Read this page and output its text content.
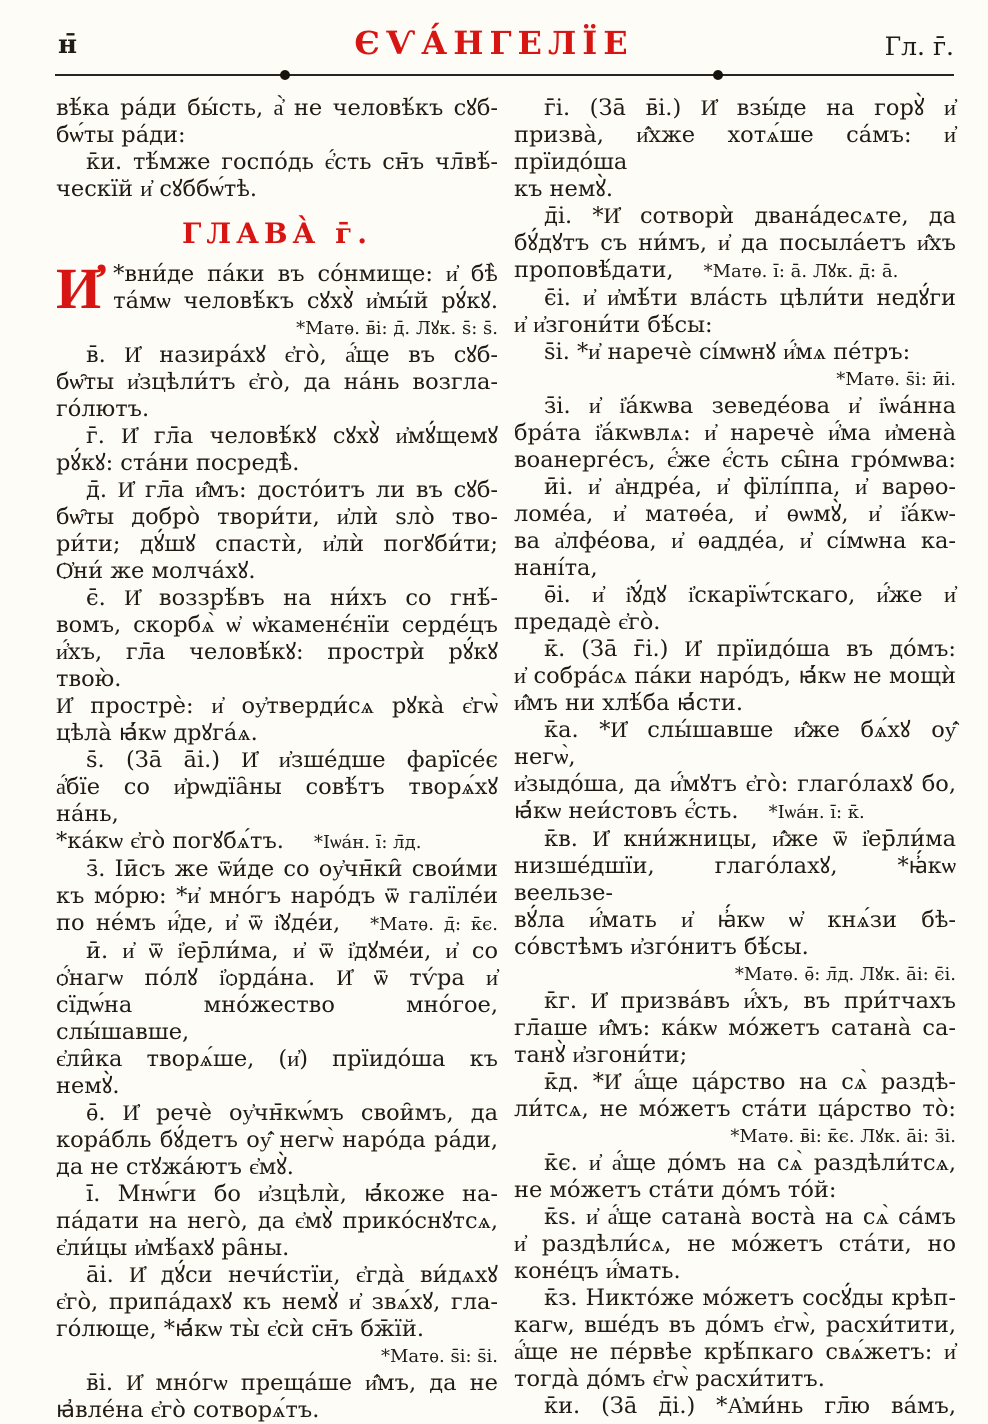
н̄	ЄѴА́НГЕЛЇЕ	Гл. г̄.
вѣ́ка ра́ди бы́сть, а҆̀ не человѣ́къ сꙋб-
бѡ́ты ра́ди:
к̄и. тѣ́мже госпо́дь є҆́сть сн̄ъ чл̄вѣ́-
ческїй и҆ сꙋббѡ́тѣ.
ГЛАВА̀ г̄.
И҆ *вни́де па́ки въ со́нмище: и҆ бѣ̀
та́мѡ человѣ́къ сꙋхꙋ̀ и҆мы́й рꙋ́кꙋ.
*Матѳ. в̄і: д̄. Лꙋк. ѕ̄: ѕ̄.
в̄. И҆ назира́хꙋ є҆го̀, а҆́ще въ сꙋб-
бѡ̑ты и҆зцѣли́тъ є҆го̀, да на́нь возгла-
го́лютъ.
г̄. И҆ гл̄а человѣ́кꙋ сꙋхꙋ̀ и҆мꙋ́щемꙋ
рꙋ́кꙋ: ста́ни посредѣ̀.
д̄. И҆ гл̄а и҆̑мъ: досто́итъ ли въ сꙋб-
бѡ̑ты добро̀ твори́ти, и҆лѝ ѕло̀ тво-
ри́ти; дꙋ́шꙋ спастѝ, и҆лѝ погꙋби́ти;
Ѻ҆ни́ же молча́хꙋ.
є̄. И҆ воззрѣ́въ на ни́хъ со гнѣ́-
вомъ, скорбѧ̀ ѡ҆ ѡ҆каменє́нїи серде́цъ
и҆́хъ, гл̄а человѣ́кꙋ: прострѝ рꙋ́кꙋ твою̀.
И҆ прострѐ: и҆ оу҆тверди́сѧ рꙋка̀ є҆гѡ̀
цѣла̀ ꙗ҆́кѡ дрꙋга́ѧ.
ѕ̄. (За̄ а̄і.) И҆ и҆зше́дше фарїсе́є
а҆́бїе со и҆рѡдїа̑ны совѣ́тъ творѧ́хꙋ на́нь,
*ка́кѡ є҆го̀ погꙋбѧ́тъ. *Іѡа́н. і̄: л̄д.
з̄. Іӣсъ же ѿи́де со оу҆чн̄ки̑ свои́ми
къ мо́рю: *и҆ мно́гъ наро́дъ ѿ галїле́и
по не́мъ и҆́де, и҆ ѿ і҆ꙋде́и, *Матѳ. д̄: к̄є.
ӣ. и҆ ѿ і҆ер̄ли́ма, и҆ ѿ і҆дꙋме́и, и҆ со
ѻ҆́нагѡ по́лꙋ і҆ѻрда́на. И҆ ѿ тѵ́ра и҆
сїдѡ́на мно́жество мно́гое, слы́шавше,
є҆ли̑ка творѧ́ше, (и҆) прїидо́ша къ немꙋ̀.
ѳ̄. И҆ речѐ оу҆чн̄кѡ́мъ свои̑мъ, да
кора́бль бꙋ́детъ оу҆̑ негѡ̀ наро́да ра́ди,
да не стꙋжа́ютъ є҆мꙋ̀.
і̄. Мнѡ́ги бо и҆зцѣлѝ, ꙗ҆́коже на-
па́дати на него̀, да є҆мꙋ̀ прико́снꙋтсѧ,
є҆ли́цы и҆мѣ́ахꙋ ра̑ны.
а̄і. И҆ дꙋ́си нечи́стїи, є҆гда̀ ви́дѧхꙋ
є҆го̀, припа́дахꙋ къ немꙋ̀ и҆ звѧ́хꙋ, гла-
го́люще, *ꙗ҆́кѡ ты̀ є҆сѝ сн̄ъ бж̄їй.
*Матѳ. ѕ̄і: ѕ̄і.
в̄і. И҆ мно́гѡ преща́ше и҆̑мъ, да не
ꙗ҆вле́на є҆го̀ сотворѧ́тъ.
г̄і. (За̄ в̄і.) И҆ взы́де на горꙋ̀ и҆
призва̀, и҆̑хже хотѧ́ше са́мъ: и҆ прїидо́ша
къ немꙋ̀.
д̄і. *И҆ сотворѝ двана́десѧте, да
бꙋ́дꙋтъ съ ни́мъ, и҆ да посыла́етъ и҆̑хъ
проповѣ́дати, *Матѳ. і̄: а̄. Лꙋк. д̄: а̄.
є̄і. и҆ и҆мѣ́ти вла́сть цѣли́ти недꙋ́ги
и҆ и҆згони́ти бѣ́сы:
ѕ̄і. *и҆ наречѐ сі́мѡнꙋ и҆́мѧ пе́тръ:
*Матѳ. ѕ̄і: ӣі.
з̄і. и҆ і҆а́кѡва зеведе́ова и҆ і҆ѡа́нна
бра́та і҆а́кѡвлѧ: и҆ наречѐ и҆́ма и҆мена̀
воанерге́съ, є҆́же є҆́сть сы̑на гро́мѡва:
ӣі. и҆ а҆ндре́а, и҆ фїлі́ппа, и҆ варѳо-
ломе́а, и҆ матѳе́а, и҆ ѳѡмꙋ̀, и҆ і҆а́кѡ-
ва а҆лфе́ова, и҆ ѳадде́а, и҆ сі́мѡна ка-
нані́та,
ѳ̄і. и҆ і҆ꙋ́дꙋ і҆скарїѡ́тскаго, и҆́же и҆
предадѐ є҆го̀.
к̄. (За̄ г̄і.) И҆ прїидо́ша въ до́мъ:
и҆ собра́сѧ па́ки наро́дъ, ꙗ҆́кѡ не мощѝ
и҆̑мъ ни хлѣ́ба ꙗ҆́сти.
к̄а. *И҆ слы́шавше и҆̑же бѧ́хꙋ оу҆̑ негѡ̀,
и҆зыдо́ша, да и҆́мꙋтъ є҆го̀: глаго́лахꙋ бо,
ꙗ҆́кѡ неи́стовъ є҆́сть. *Іѡа́н. і̄: к̄.
к̄в. И҆ кни́жницы, и҆̑же ѿ і҆ер̄ли́ма
низше́дшїи, глаго́лахꙋ, *ꙗ҆́кѡ веельзе-
вꙋ́ла и҆́мать и҆ ꙗ҆́кѡ ѡ҆ кнѧ́зи бѣ-
со́встѣмъ и҆зго́нитъ бѣ́сы.
*Матѳ. ѳ̄: л̄д. Лꙋк. а̄і: є̄і.
к̄г. И҆ призва́въ и҆́хъ, въ при́тчахъ
гл̄аше и҆̑мъ: ка́кѡ мо́жетъ сатана̀ са-
танꙋ̀ и҆згони́ти;
к̄д. *И҆ а҆́ще ца́рство на сѧ̀ раздѣ-
ли́тсѧ, не мо́жетъ ста́ти ца́рство то̀:
*Матѳ. в̄і: к̄є. Лꙋк. а̄і: з̄і.
к̄є. и҆ а҆́ще до́мъ на сѧ̀ раздѣли́тсѧ,
не мо́жетъ ста́ти до́мъ то́й:
к̄ѕ. и҆ а҆́ще сатана̀ воста̀ на сѧ̀ са́мъ
и҆ раздѣли́сѧ, не мо́жетъ ста́ти, но
коне́цъ и҆́мать.
к̄з. Никто́же мо́жетъ сосꙋ́ды крѣп-
кагѡ, вше́дъ въ до́мъ є҆гѡ̀, расхи́тити,
а҆́ще не пе́рвѣе крѣ́пкаго свѧ́жетъ: и҆
тогда̀ до́мъ є҆гѡ̀ расхи́титъ.
к̄и. (За̄ д̄і.) *А҆ми́нь гл̄ю ва́мъ,
